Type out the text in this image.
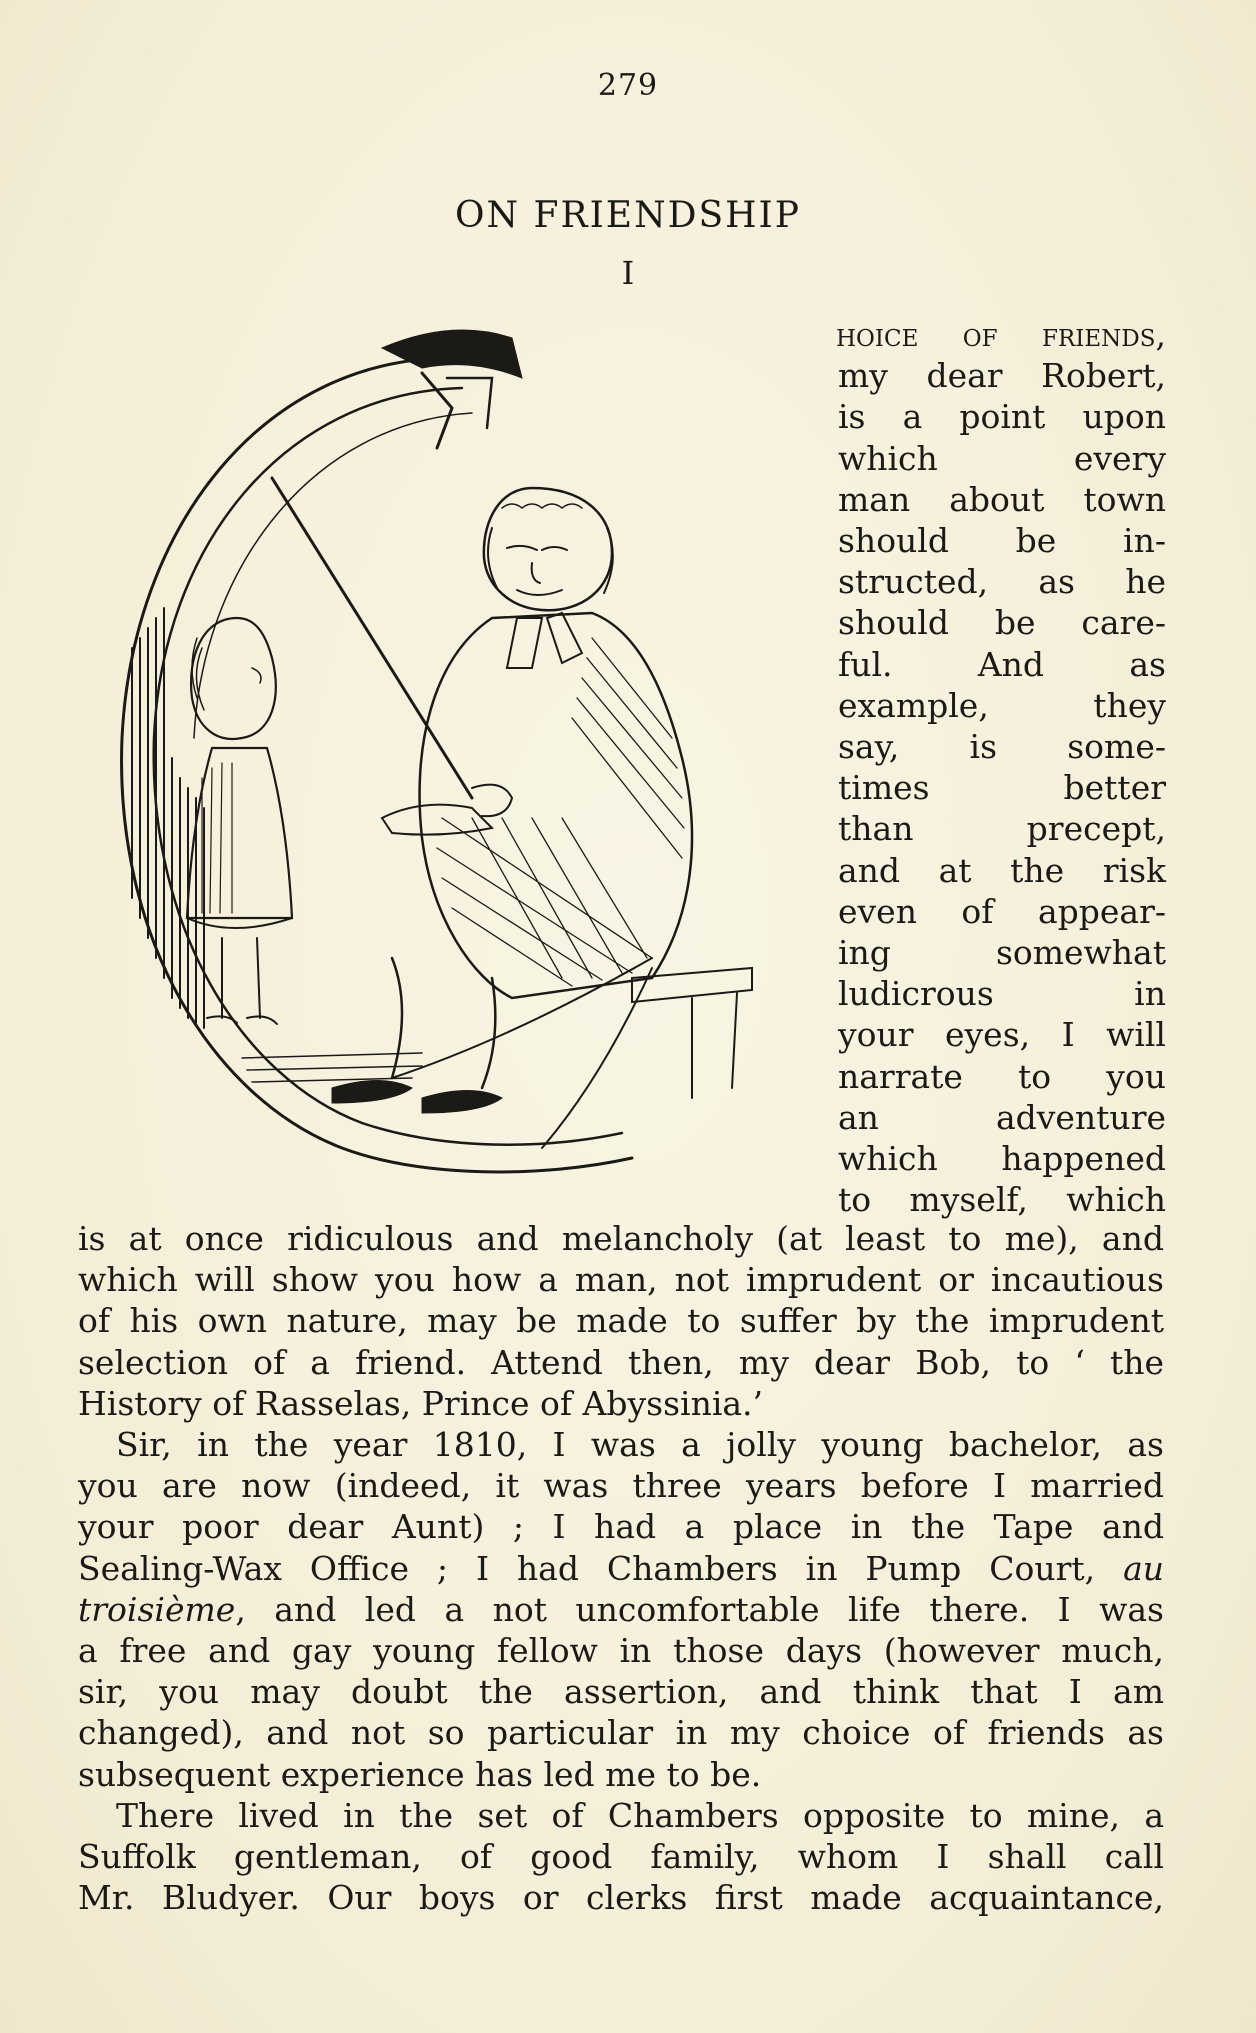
279
ON FRIENDSHIP
I
hoice of friends,
my dear Robert,
is a point upon
which every
man about town
should be in-
structed, as he
should be care-
ful. And as
example, they
say, is some-
times better
than precept,
and at the risk
even of appear-
ing somewhat
ludicrous in
your eyes, I will
narrate to you
an adventure
which happened
to myself, which
is at once ridiculous and melancholy (at least to me), and
which will show you how a man, not imprudent or incautious
of his own nature, may be made to suffer by the imprudent
selection of a friend. Attend then, my dear Bob, to ‘ the
History of Rasselas, Prince of Abyssinia.’
Sir, in the year 1810, I was a jolly young bachelor, as
you are now (indeed, it was three years before I married
your poor dear Aunt) ; I had a place in the Tape and
Sealing-Wax Office ; I had Chambers in Pump Court, au
troisième, and led a not uncomfortable life there. I was
a free and gay young fellow in those days (however much,
sir, you may doubt the assertion, and think that I am
changed), and not so particular in my choice of friends as
subsequent experience has led me to be.
There lived in the set of Chambers opposite to mine, a
Suffolk gentleman, of good family, whom I shall call
Mr. Bludyer. Our boys or clerks first made acquaintance,
